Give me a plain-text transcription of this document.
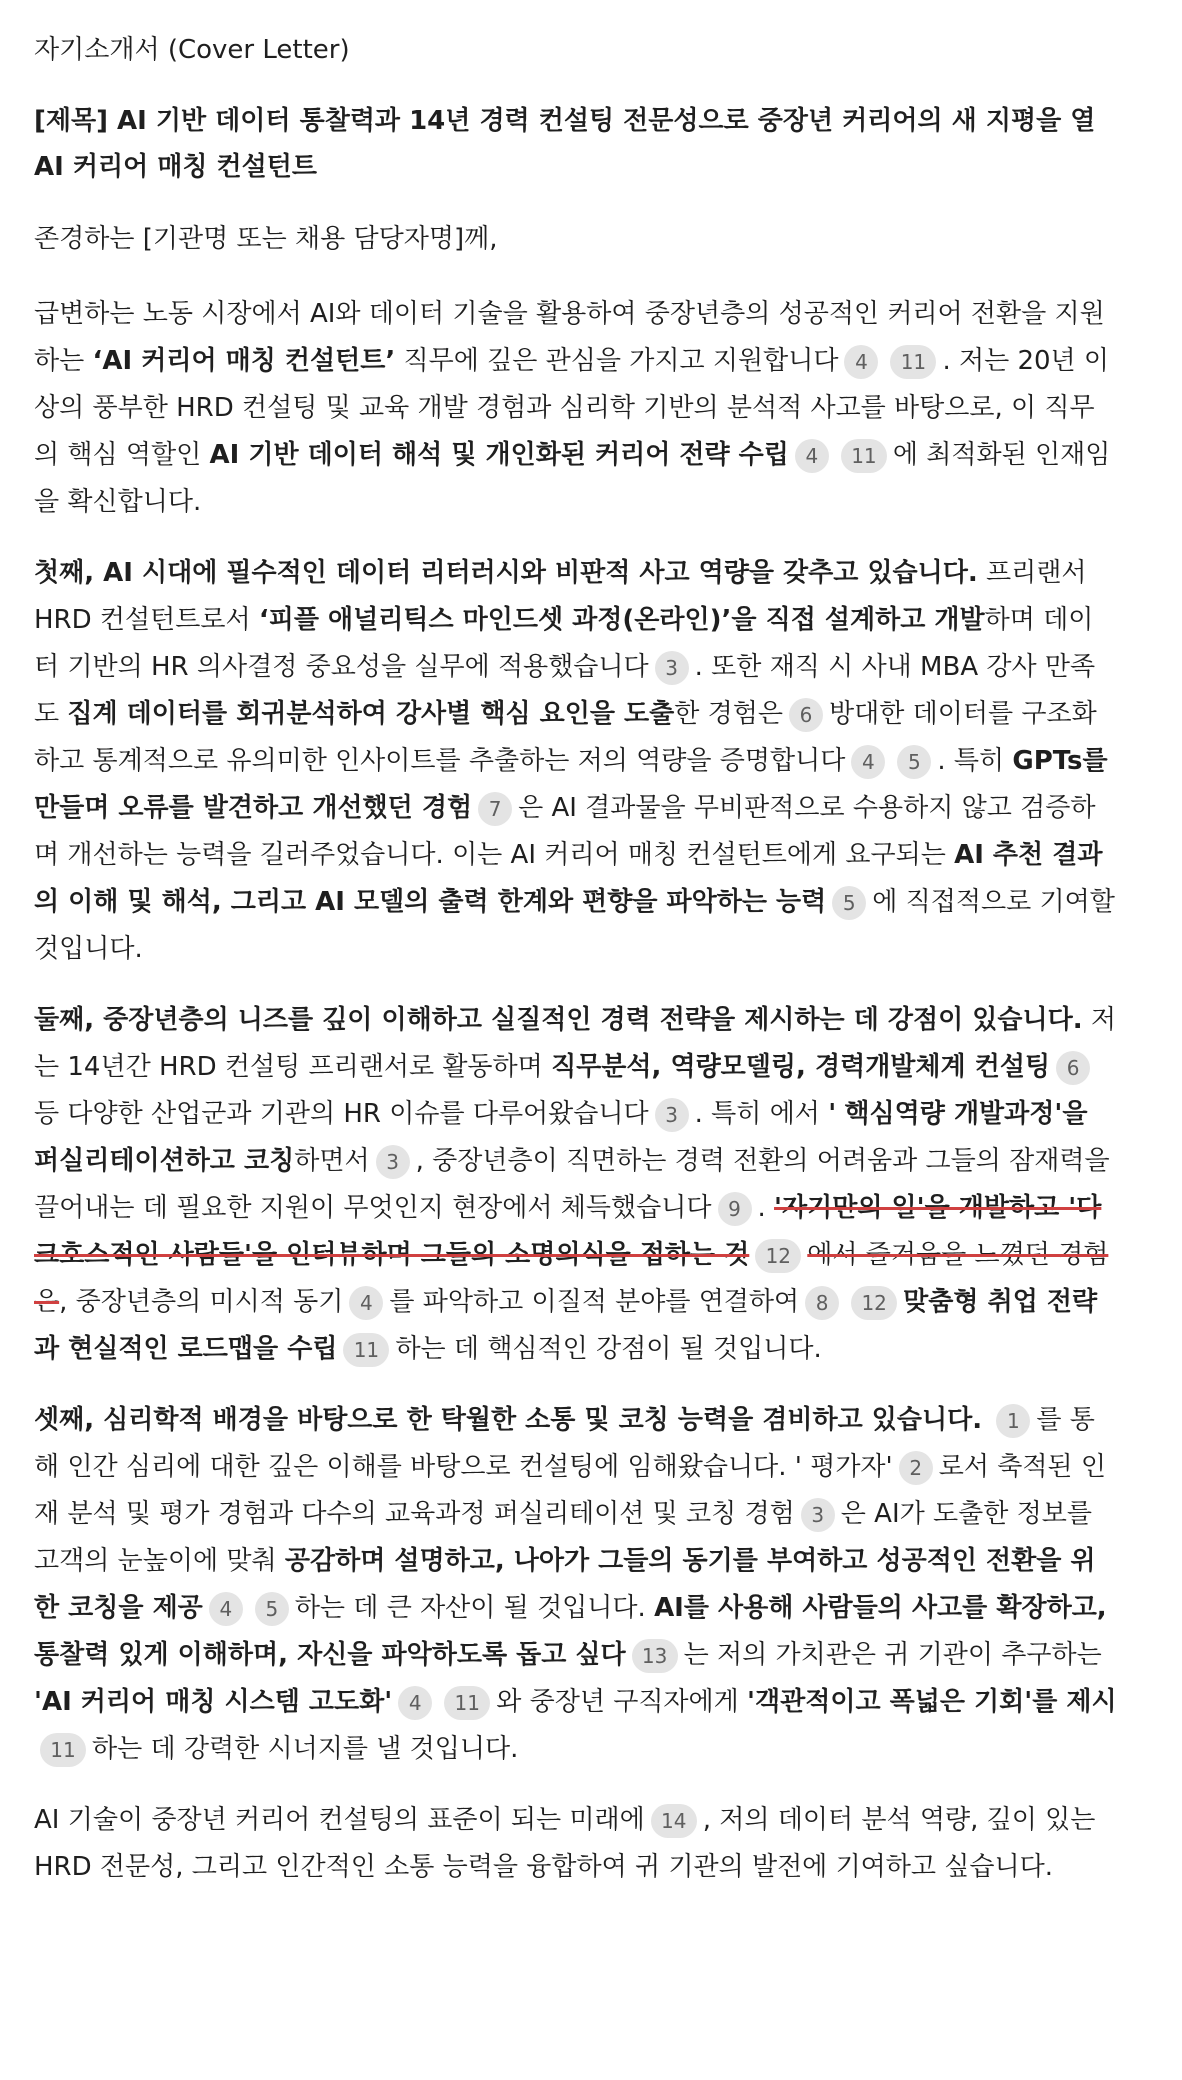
자기소개서 (Cover Letter)
[제목] AI 기반 데이터 통찰력과 14년 경력 컨설팅 전문성으로 중장년 커리어의 새 지평을 열 AI 커리어 매칭 컨설턴트

존경하는 [기관명 또는 채용 담당자명]께,

급변하는 노동 시장에서 AI와 데이터 기술을 활용하여 중장년층의 성공적인 커리어 전환을 지원하는 ‘AI 커리어 매칭 컨설턴트’ 직무에 깊은 관심을 가지고 지원합니다 4 11 . 저는 20년 이상의 풍부한 HRD 컨설팅 및 교육 개발 경험과 심리학 기반의 분석적 사고를 바탕으로, 이 직무의 핵심 역할인 AI 기반 데이터 해석 및 개인화된 커리어 전략 수립 4 11 에 최적화된 인재임을 확신합니다.

첫째, AI 시대에 필수적인 데이터 리터러시와 비판적 사고 역량을 갖추고 있습니다. 프리랜서 HRD 컨설턴트로서 ‘피플 애널리틱스 마인드셋 과정(온라인)’을 직접 설계하고 개발하며 데이터 기반의 HR 의사결정 중요성을 실무에 적용했습니다 3 . 또한 재직 시 사내 MBA 강사 만족도 집계 데이터를 회귀분석하여 강사별 핵심 요인을 도출한 경험은 6 방대한 데이터를 구조화하고 통계적으로 유의미한 인사이트를 추출하는 저의 역량을 증명합니다 4 5 . 특히 GPTs를 만들며 오류를 발견하고 개선했던 경험 7 은 AI 결과물을 무비판적으로 수용하지 않고 검증하며 개선하는 능력을 길러주었습니다. 이는 AI 커리어 매칭 컨설턴트에게 요구되는 AI 추천 결과의 이해 및 해석, 그리고 AI 모델의 출력 한계와 편향을 파악하는 능력 5 에 직접적으로 기여할 것입니다.

둘째, 중장년층의 니즈를 깊이 이해하고 실질적인 경력 전략을 제시하는 데 강점이 있습니다. 저는 14년간 HRD 컨설팅 프리랜서로 활동하며 직무분석, 역량모델링, 경력개발체계 컨설팅 6등 다양한 산업군과 기관의 HR 이슈를 다루어왔습니다 3 . 특히 에서 ' 핵심역량 개발과정'을 퍼실리테이션하고 코칭하면서 3 , 중장년층이 직면하는 경력 전환의 어려움과 그들의 잠재력을 끌어내는 데 필요한 지원이 무엇인지 현장에서 체득했습니다 9 . '자기만의 일'을 개발하고 '다크호스적인 사람들'을 인터뷰하며 그들의 소명의식을 접하는 것 12 에서 즐거움을 느꼈던 경험은, 중장년층의 미시적 동기 4 를 파악하고 이질적 분야를 연결하여 8 12 맞춤형 취업 전략과 현실적인 로드맵을 수립 11 하는 데 핵심적인 강점이 될 것입니다.

셋째, 심리학적 배경을 바탕으로 한 탁월한 소통 및 코칭 능력을 겸비하고 있습니다. 1 를 통해 인간 심리에 대한 깊은 이해를 바탕으로 컨설팅에 임해왔습니다. ' 평가자' 2 로서 축적된 인재 분석 및 평가 경험과 다수의 교육과정 퍼실리테이션 및 코칭 경험 3 은 AI가 도출한 정보를 고객의 눈높이에 맞춰 공감하며 설명하고, 나아가 그들의 동기를 부여하고 성공적인 전환을 위한 코칭을 제공 4 5 하는 데 큰 자산이 될 것입니다. AI를 사용해 사람들의 사고를 확장하고, 통찰력 있게 이해하며, 자신을 파악하도록 돕고 싶다 13 는 저의 가치관은 귀 기관이 추구하는 'AI 커리어 매칭 시스템 고도화' 4 11 와 중장년 구직자에게 '객관적이고 폭넓은 기회'를 제시11 하는 데 강력한 시너지를 낼 것입니다.

AI 기술이 중장년 커리어 컨설팅의 표준이 되는 미래에 14 , 저의 데이터 분석 역량, 깊이 있는 HRD 전문성, 그리고 인간적인 소통 능력을 융합하여 귀 기관의 발전에 기여하고 싶습니다.
